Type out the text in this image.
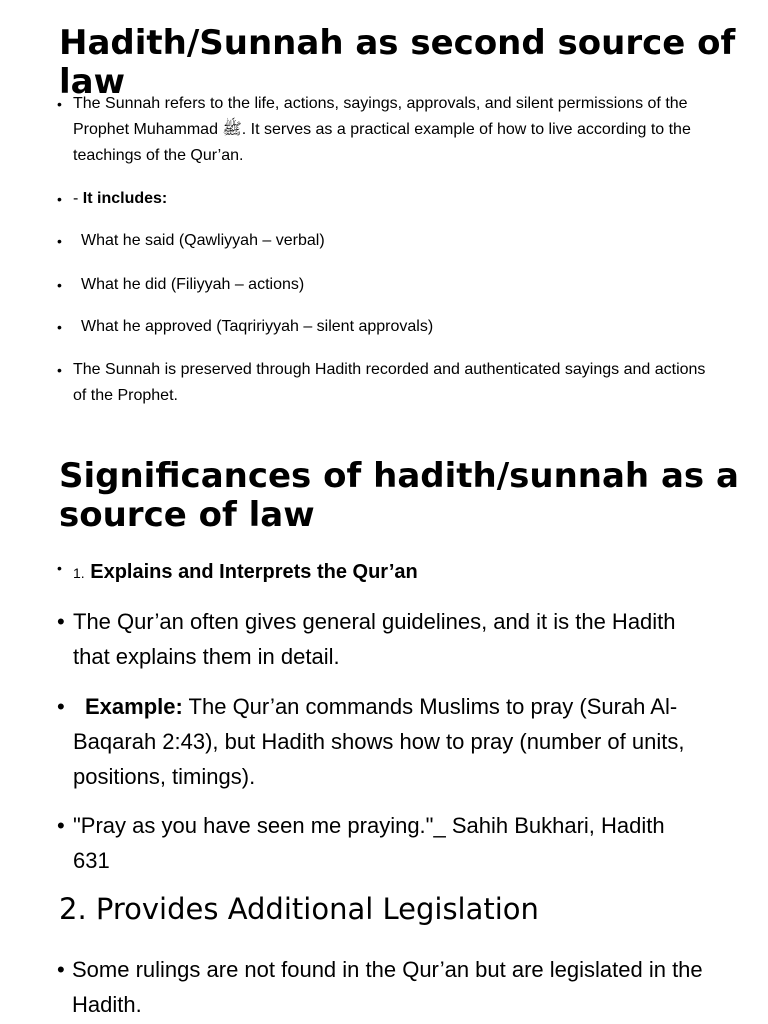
Hadith/Sunnah as second source of law
• The Sunnah refers to the life, actions, sayings, approvals, and silent permissions of the Prophet Muhammad ﷺ. It serves as a practical example of how to live according to the teachings of the Qur’an.
• - It includes:
•	What he said (Qawliyyah – verbal)
•	What he did (Filiyyah – actions)
•	What he approved (Taqririyyah – silent approvals)
• The Sunnah is preserved through Hadith recorded and authenticated sayings and actions of the Prophet.
Significances of hadith/sunnah as a source of law
• 1. Explains and Interprets the Qur’an
• The Qur’an often gives general guidelines, and it is the Hadith that explains them in detail.
• Example: The Qur’an commands Muslims to pray (Surah Al-Baqarah 2:43), but Hadith shows how to pray (number of units, positions, timings).
• "Pray as you have seen me praying."_ Sahih Bukhari, Hadith 631
2. Provides Additional Legislation
• Some rulings are not found in the Qur’an but are legislated in the Hadith.
